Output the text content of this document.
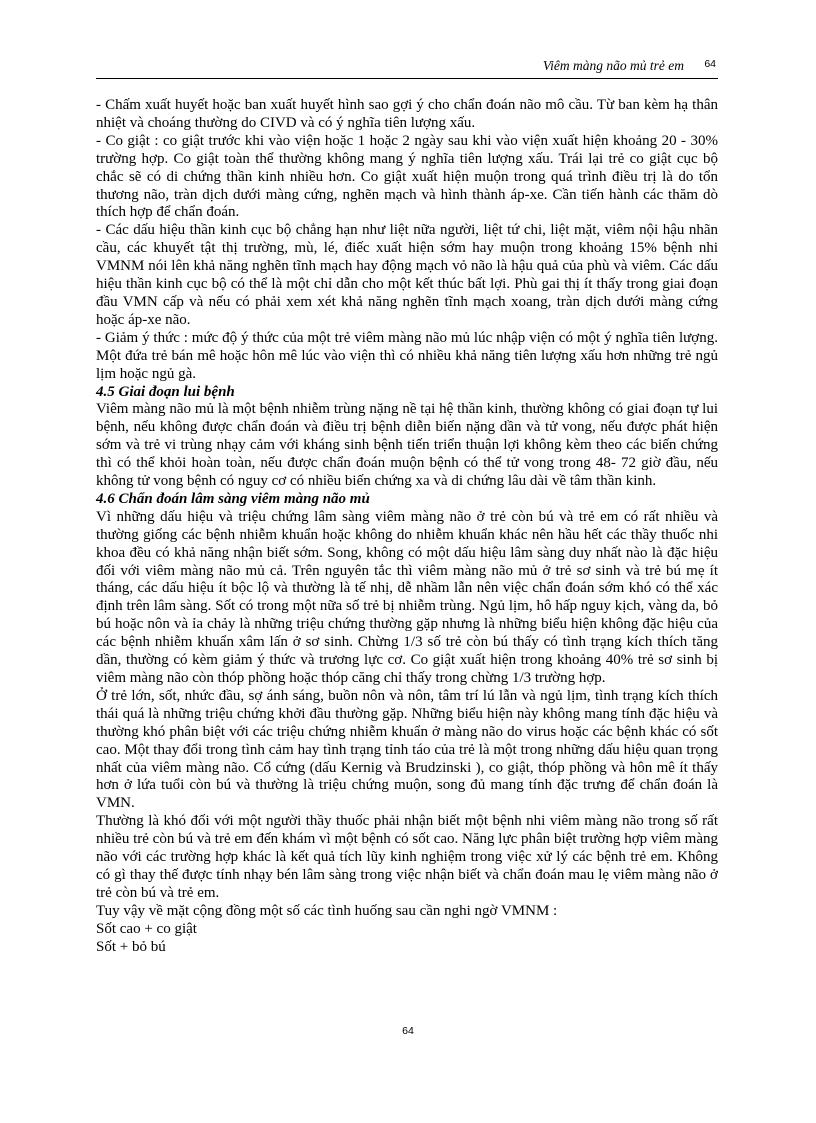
Viêm màng não mủ trẻ em 64

- Chấm xuất huyết hoặc ban xuất huyết hình sao gợi ý cho chẩn đoán não mô cầu. Từ ban kèm hạ thân nhiệt và choáng thường do CIVD và có ý nghĩa tiên lượng xấu.

- Co giật : co giật trước khi vào viện hoặc 1 hoặc 2 ngày sau khi vào viện xuất hiện khoảng 20 - 30% trường hợp. Co giật toàn thể thường không mang ý nghĩa tiên lượng xấu. Trái lại trẻ co giật cục bộ chắc sẽ có di chứng thần kinh nhiều hơn. Co giật xuất hiện muộn trong quá trình điều trị là do tổn thương não, tràn dịch dưới màng cứng, nghẽn mạch và hình thành áp-xe. Cần tiến hành các thăm dò thích hợp để chẩn đoán.

- Các dấu hiệu thần kinh cục bộ chẳng hạn như liệt nữa người, liệt tứ chi, liệt mặt, viêm nội hậu nhãn cầu, các khuyết tật thị trường, mù, lé, điếc xuất hiện sớm hay muộn trong khoảng 15% bệnh nhi VMNM nói lên khả năng nghẽn tĩnh mạch hay động mạch vỏ não là hậu quả của phù và viêm. Các dấu hiệu thần kinh cục bộ có thể là một chỉ dẫn cho một kết thúc bất lợi. Phù gai thị ít thấy trong giai đoạn đầu VMN cấp và nếu có phải xem xét khả năng nghẽn tĩnh mạch xoang, tràn dịch dưới màng cứng hoặc áp-xe não.

- Giảm ý thức : mức độ ý thức của một trẻ viêm màng não mủ lúc nhập viện có một ý nghĩa tiên lượng. Một đứa trẻ bán mê hoặc hôn mê lúc vào viện thì có nhiều khả năng tiên lượng xấu hơn những trẻ ngủ lịm hoặc ngủ gà.

4.5 Giai đoạn lui bệnh

Viêm màng não mủ là một bệnh nhiễm trùng nặng nề tại hệ thần kinh, thường không có giai đoạn tự lui bệnh, nếu không được chẩn đoán và điều trị bệnh diễn biến nặng dần và tử vong, nếu được phát hiện sớm và trẻ vi trùng nhạy cảm với kháng sinh bệnh tiến triển thuận lợi không kèm theo các biến chứng thì có thể khỏi hoàn toàn, nếu được chẩn đoán muộn bệnh có thể tử vong trong 48- 72 giờ đầu, nếu không tử vong bệnh có nguy cơ có nhiều biến chứng xa và di chứng lâu dài về tâm thần kinh.

4.6 Chẩn đoán lâm sàng viêm màng não mủ

Vì những dấu hiệu và triệu chứng lâm sàng viêm màng não ở trẻ còn bú và trẻ em có rất nhiều và thường giống các bệnh nhiễm khuẩn hoặc không do nhiễm khuẩn khác nên hầu hết các thầy thuốc nhi khoa đều có khả năng nhận biết sớm. Song, không có một dấu hiệu lâm sàng duy nhất nào là đặc hiệu đối với viêm màng não mủ cả. Trên nguyên tắc thì viêm màng não mủ ở trẻ sơ sinh và trẻ bú mẹ ít tháng, các dấu hiệu ít bộc lộ và thường là tế nhị, dễ nhầm lẫn nên việc chẩn đoán sớm khó có thể xác định trên lâm sàng. Sốt có trong một nữa số trẻ bị nhiễm trùng. Ngủ lịm, hô hấp nguy kịch, vàng da, bỏ bú hoặc nôn và ỉa chảy là những triệu chứng thường gặp nhưng là những biểu hiện không đặc hiệu của các bệnh nhiễm khuẩn xâm lấn ở sơ sinh. Chừng 1/3 số trẻ còn bú thấy có tình trạng kích thích tăng dần, thường có kèm giảm ý thức và trương lực cơ. Co giật xuất hiện trong khoảng 40% trẻ sơ sinh bị viêm màng não còn thóp phồng hoặc thóp căng chỉ thấy trong chừng 1/3 trường hợp.

Ở trẻ lớn, sốt, nhức đầu, sợ ánh sáng, buồn nôn và nôn, tâm trí lú lẫn và ngủ lịm, tình trạng kích thích thái quá là những triệu chứng khởi đầu thường gặp. Những biểu hiện này không mang tính đặc hiệu và thường khó phân biệt với các triệu chứng nhiễm khuẩn ở màng não do virus hoặc các bệnh khác có sốt cao. Một thay đổi trong tình cảm hay tình trạng tỉnh táo của trẻ là một trong những dấu hiệu quan trọng nhất của viêm màng não. Cổ cứng (dấu Kernig và Brudzinski ), co giật, thóp phồng và hôn mê ít thấy hơn ở lứa tuổi còn bú và thường là triệu chứng muộn, song đủ mang tính đặc trưng để chẩn đoán là VMN.

Thường là khó đối với một người thầy thuốc phải nhận biết một bệnh nhi viêm màng não trong số rất nhiều trẻ còn bú và trẻ em đến khám vì một bệnh có sốt cao. Năng lực phân biệt trường hợp viêm màng não với các trường hợp khác là kết quả tích lũy kinh nghiệm trong việc xử lý các bệnh trẻ em. Không có gì thay thế được tính nhạy bén lâm sàng trong việc nhận biết và chẩn đoán mau lẹ viêm màng não ở trẻ còn bú và trẻ em.

Tuy vậy về mặt cộng đồng một số các tình huống sau cần nghi ngờ VMNM :

Sốt cao + co giật

Sốt + bỏ bú

64
